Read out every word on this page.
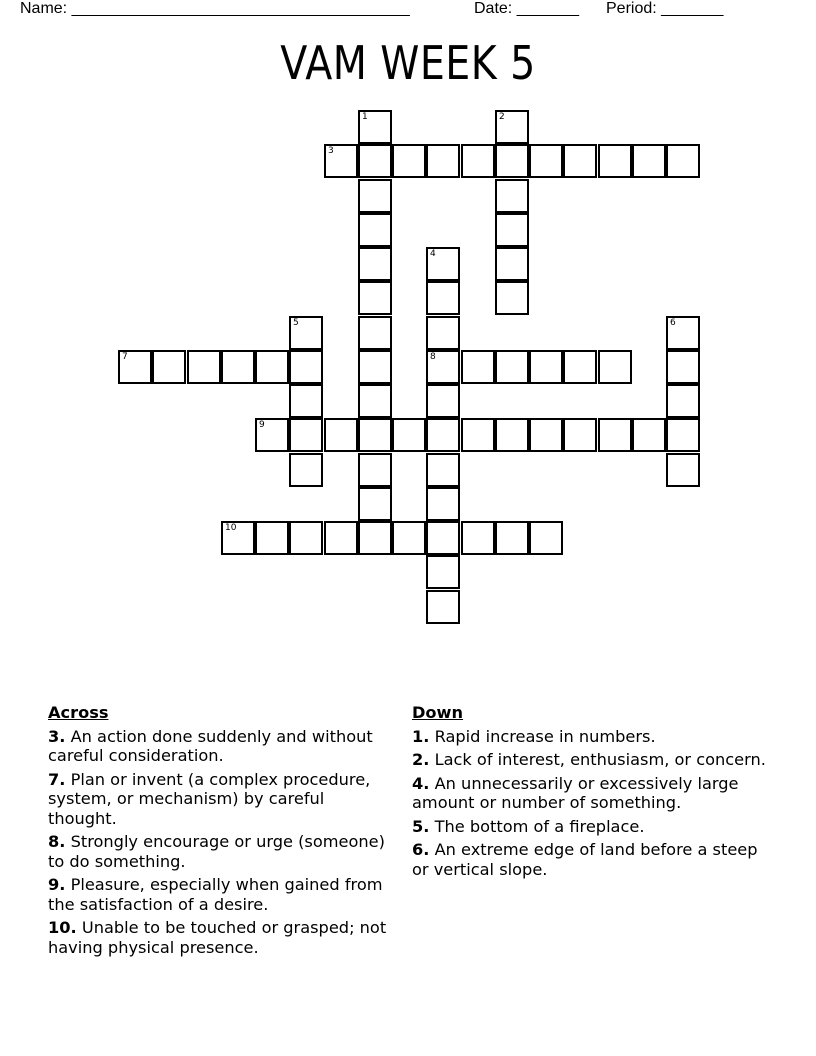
Name: ______________________________________	Date: _______ Period: _______
VAM WEEK 5
1	2
3
4
8
5	6
7
9
10
Across
3. An action done suddenly and without careful consideration.
7. Plan or invent (a complex procedure, system, or mechanism) by careful thought.
8. Strongly encourage or urge (someone) to do something.
9. Pleasure, especially when gained from the satisfaction of a desire.
10. Unable to be touched or grasped; not having physical presence.
Down
1. Rapid increase in numbers.
2. Lack of interest, enthusiasm, or concern.
4. An unnecessarily or excessively large amount or number of something.
5. The bottom of a fireplace.
6. An extreme edge of land before a steep or vertical slope.
